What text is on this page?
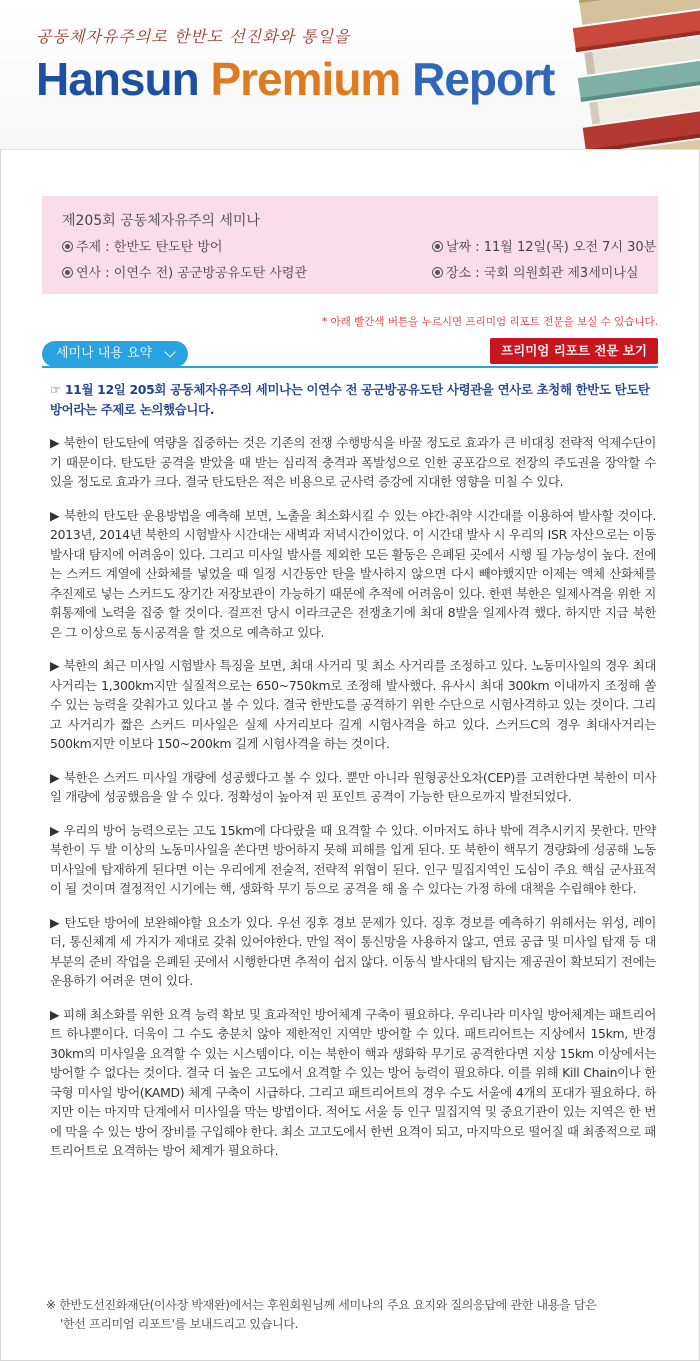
공동체자유주의로 한반도 선진화와 통일을
Hansun Premium Report
제205회 공동체자유주의 세미나
주제 : 한반도 탄도탄 방어
연사 : 이연수 전) 공군방공유도탄 사령관
날짜 : 11월 12일(목) 오전 7시 30분
장소 : 국회 의원회관 제3세미나실
* 아래 빨간색 버튼을 누르시면 프리미엄 리포트 전문을 보실 수 있습니다.
세미나 내용 요약	프리미엄 리포트 전문 보기
☞ 11월 12일 205회 공동체자유주의 세미나는 이연수 전 공군방공유도탄 사령관을 연사로 초청해 한반도 탄도탄 방어라는 주제로 논의했습니다.
▶ 북한이 탄도탄에 역량을 집중하는 것은 기존의 전쟁 수행방식을 바꿀 정도로 효과가 큰 비대칭 전략적 억제수단이기 때문이다. 탄도탄 공격을 받았을 때 받는 심리적 충격과 폭발성으로 인한 공포감으로 전장의 주도권을 장악할 수 있을 정도로 효과가 크다. 결국 탄도탄은 적은 비용으로 군사력 증강에 지대한 영향을 미칠 수 있다.
▶ 북한의 탄도탄 운용방법을 예측해 보면, 노출을 최소화시킬 수 있는 야간·취약 시간대를 이용하여 발사할 것이다. 2013년, 2014년 북한의 시험발사 시간대는 새벽과 저녁시간이었다. 이 시간대 발사 시 우리의 ISR 자산으로는 이동발사대 탐지에 어려움이 있다. 그리고 미사일 발사를 제외한 모든 활동은 은폐된 곳에서 시행 될 가능성이 높다. 전에는 스커드 계열에 산화체를 넣었을 때 일정 시간동안 탄을 발사하지 않으면 다시 빼야했지만 이제는 액체 산화체를 추진제로 넣는 스커드도 장기간 저장보관이 가능하기 때문에 추적에 어려움이 있다. 한편 북한은 일제사격을 위한 지휘통제에 노력을 집중 할 것이다. 걸프전 당시 이라크군은 전쟁초기에 최대 8발을 일제사격 했다. 하지만 지금 북한은 그 이상으로 동시공격을 할 것으로 예측하고 있다.
▶ 북한의 최근 미사일 시험발사 특징을 보면, 최대 사거리 및 최소 사거리를 조정하고 있다. 노동미사일의 경우 최대 사거리는 1,300km지만 실질적으로는 650~750km로 조정해 발사했다. 유사시 최대 300km 이내까지 조정해 쏠 수 있는 능력을 갖춰가고 있다고 볼 수 있다. 결국 한반도를 공격하기 위한 수단으로 시험사격하고 있는 것이다. 그리고 사거리가 짧은 스커드 미사일은 실제 사거리보다 길게 시험사격을 하고 있다. 스커드C의 경우 최대사거리는 500km지만 이보다 150~200km 길게 시험사격을 하는 것이다.
▶ 북한은 스커드 미사일 개량에 성공했다고 볼 수 있다. 뿐만 아니라 원형공산오차(CEP)를 고려한다면 북한이 미사일 개량에 성공했음을 알 수 있다. 정확성이 높아져 핀 포인트 공격이 가능한 탄으로까지 발전되었다.
▶ 우리의 방어 능력으로는 고도 15km에 다다랐을 때 요격할 수 있다. 이마저도 하나 밖에 격추시키지 못한다. 만약 북한이 두 발 이상의 노동미사일을 쏜다면 방어하지 못해 피해를 입게 된다. 또 북한이 핵무기 경량화에 성공해 노동미사일에 탑재하게 된다면 이는 우리에게 전술적, 전략적 위협이 된다. 인구 밀집지역인 도심이 주요 핵심 군사표적이 될 것이며 결정적인 시기에는 핵, 생화학 무기 등으로 공격을 해 올 수 있다는 가정 하에 대책을 수립해야 한다.
▶ 탄도탄 방어에 보완해야할 요소가 있다. 우선 징후 경보 문제가 있다. 징후 경보를 예측하기 위해서는 위성, 레이더, 통신체계 세 가지가 제대로 갖춰 있어야한다. 만일 적이 통신망을 사용하지 않고, 연료 공급 및 미사일 탑재 등 대부분의 준비 작업을 은폐된 곳에서 시행한다면 추적이 쉽지 않다. 이동식 발사대의 탐지는 제공권이 확보되기 전에는 운용하기 어려운 면이 있다.
▶ 피해 최소화를 위한 요격 능력 확보 및 효과적인 방어체계 구축이 필요하다. 우리나라 미사일 방어체계는 패트리어트 하나뿐이다. 더욱이 그 수도 충분치 않아 제한적인 지역만 방어할 수 있다. 패트리어트는 지상에서 15km, 반경 30km의 미사일을 요격할 수 있는 시스템이다. 이는 북한이 핵과 생화학 무기로 공격한다면 지상 15km 이상에서는 방어할 수 없다는 것이다. 결국 더 높은 고도에서 요격할 수 있는 방어 능력이 필요하다. 이를 위해 Kill Chain이나 한국형 미사일 방어(KAMD) 체계 구축이 시급하다. 그리고 패트리어트의 경우 수도 서울에 4개의 포대가 필요하다. 하지만 이는 마지막 단계에서 미사일을 막는 방법이다. 적어도 서울 등 인구 밀집지역 및 중요기관이 있는 지역은 한 번에 막을 수 있는 방어 장비를 구입해야 한다. 최소 고고도에서 한번 요격이 되고, 마지막으로 떨어질 때 최종적으로 패트리어트로 요격하는 방어 체계가 필요하다.
※ 한반도선진화재단(이사장 박재완)에서는 후원회원님께 세미나의 주요 요지와 질의응답에 관한 내용을 담은
'한선 프리미엄 리포트'를 보내드리고 있습니다.
